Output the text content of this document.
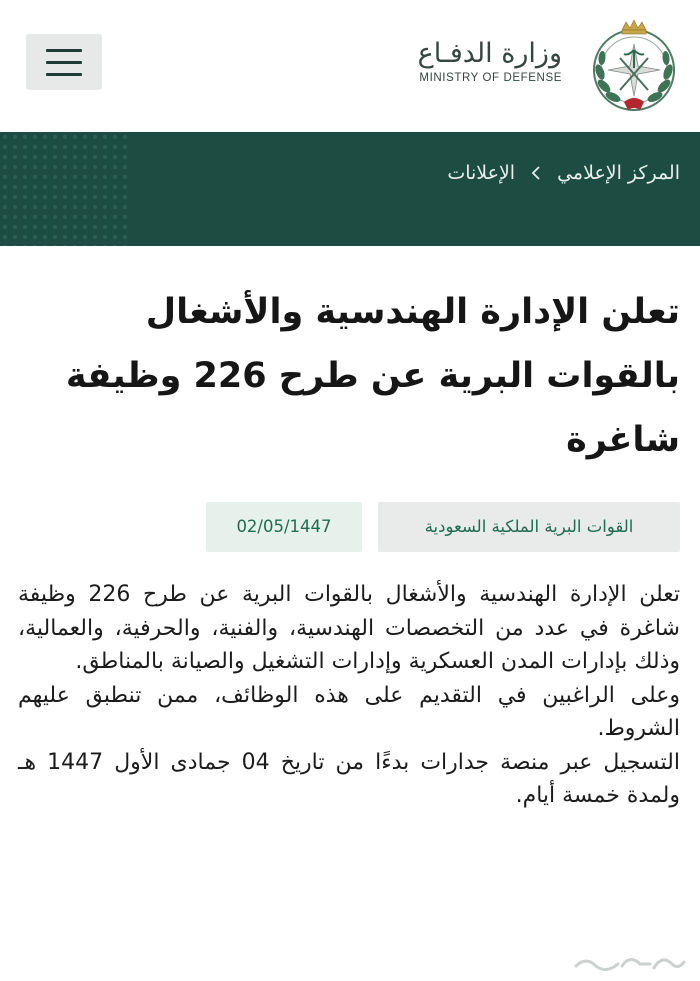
وزارة الدفـاع
MINISTRY OF DEFENSE
المركز الإعلامي
الإعلانات
تعلن الإدارة الهندسية والأشغال بالقوات البرية عن طرح 226 وظيفة شاغرة
القوات البرية الملكية السعودية
02/05/1447

تعلن الإدارة الهندسية والأشغال بالقوات البرية عن طرح 226 وظيفة شاغرة في عدد من التخصصات الهندسية، والفنية، والحرفية، والعمالية، وذلك بإدارات المدن العسكرية وإدارات التشغيل والصيانة بالمناطق.

وعلى الراغبين في التقديم على هذه الوظائف، ممن تنطبق عليهم الشروط.

التسجيل عبر منصة جدارات بدءًا من تاريخ 04 جمادى الأول 1447 هـ ولمدة خمسة أيام.
